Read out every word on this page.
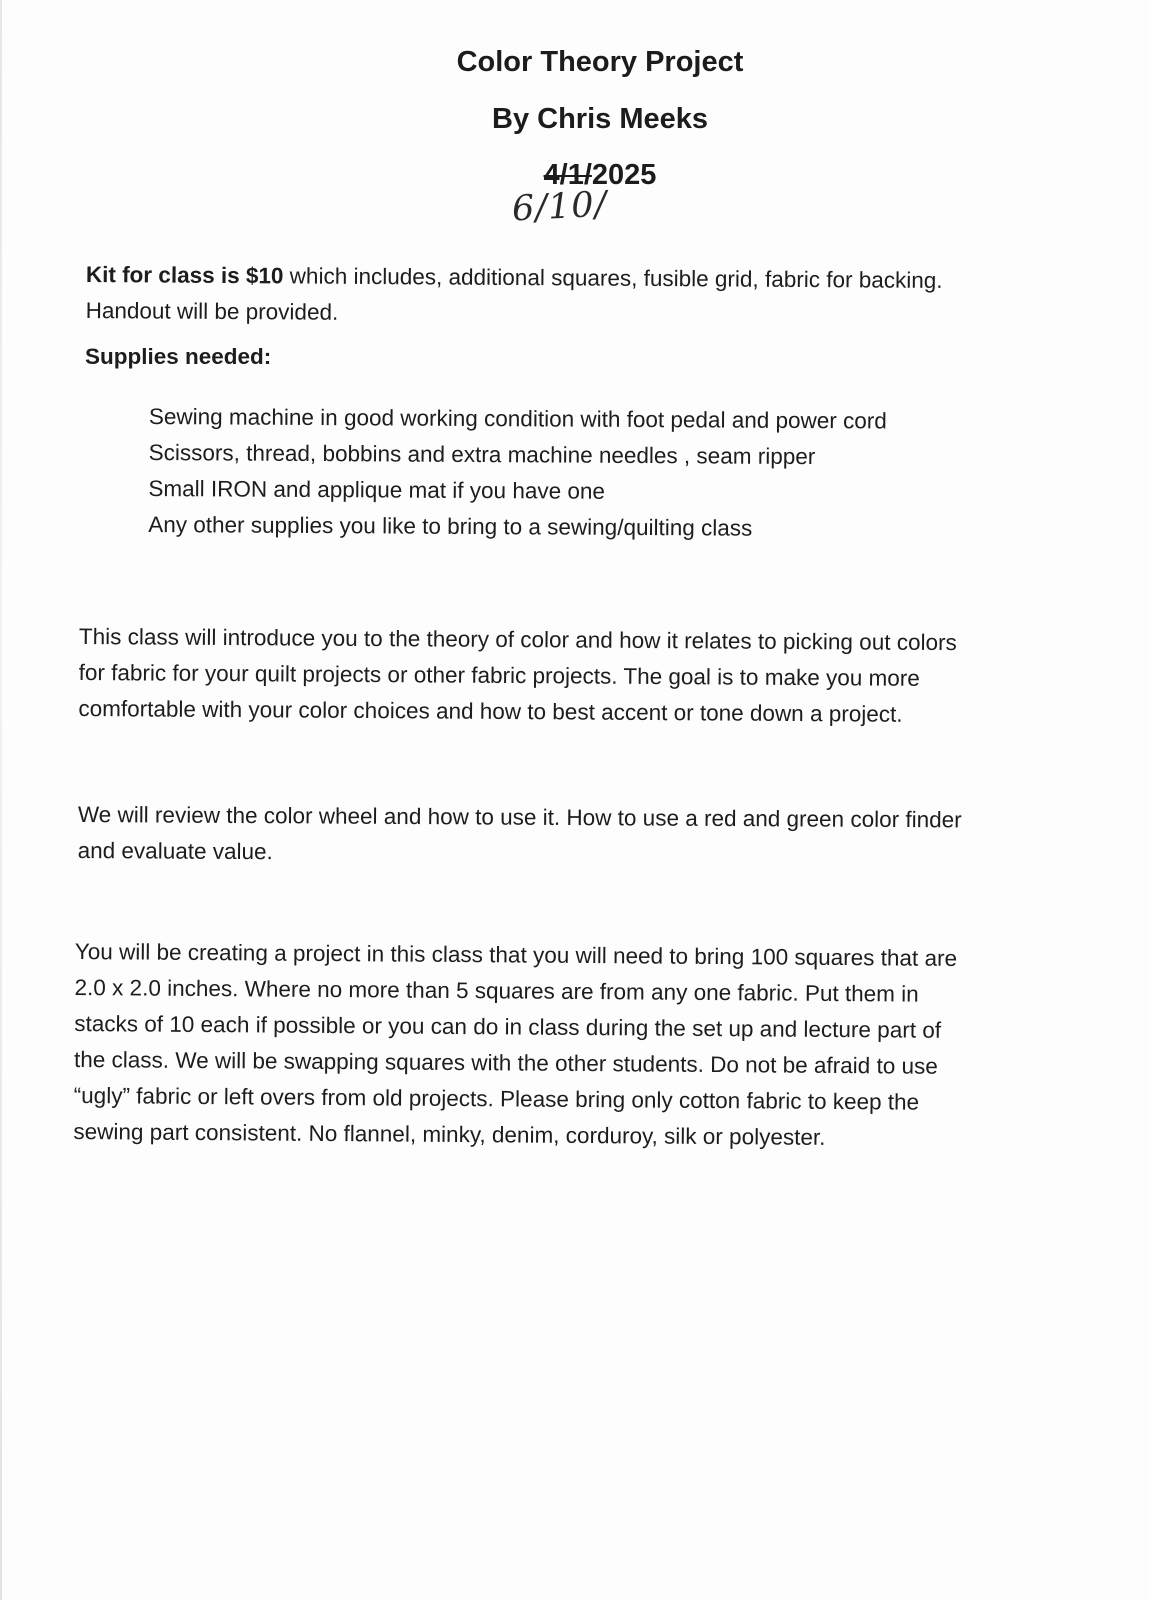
Color Theory Project
By Chris Meeks
4/1/2025
6/10/
Kit for class is $10 which includes, additional squares, fusible grid, fabric for backing.
Handout will be provided.
Supplies needed:
Sewing machine in good working condition with foot pedal and power cord
Scissors, thread, bobbins and extra machine needles , seam ripper
Small IRON and applique mat if you have one
Any other supplies you like to bring to a sewing/quilting class
This class will introduce you to the theory of color and how it relates to picking out colors
for fabric for your quilt projects or other fabric projects. The goal is to make you more
comfortable with your color choices and how to best accent or tone down a project.
We will review the color wheel and how to use it. How to use a red and green color finder
and evaluate value.
You will be creating a project in this class that you will need to bring 100 squares that are
2.0 x 2.0 inches. Where no more than 5 squares are from any one fabric. Put them in
stacks of 10 each if possible or you can do in class during the set up and lecture part of
the class. We will be swapping squares with the other students. Do not be afraid to use
“ugly” fabric or left overs from old projects. Please bring only cotton fabric to keep the
sewing part consistent. No flannel, minky, denim, corduroy, silk or polyester.
